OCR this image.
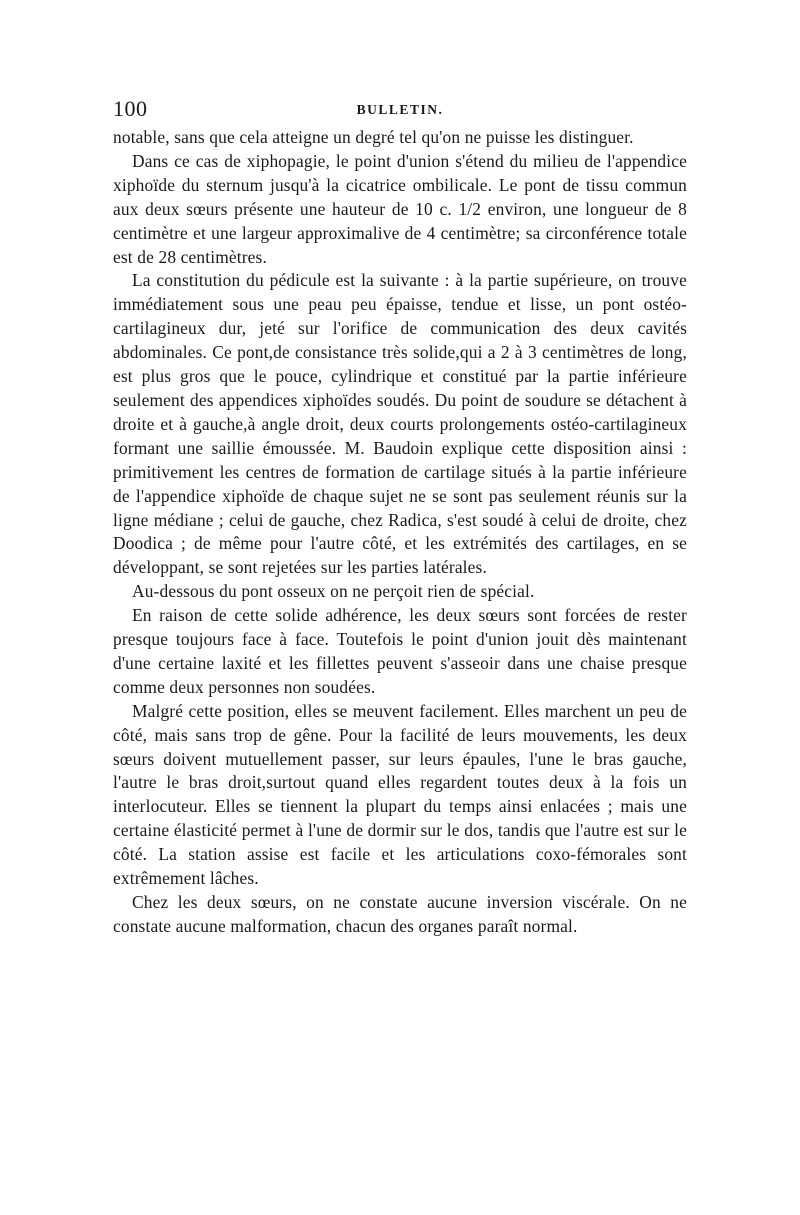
100	BULLETIN.

notable, sans que cela atteigne un degré tel qu'on ne puisse les distinguer.

Dans ce cas de xiphopagie, le point d'union s'étend du milieu de l'appendice xiphoïde du sternum jusqu'à la cicatrice ombilicale. Le pont de tissu commun aux deux sœurs présente une hauteur de 10 c. 1/2 environ, une longueur de 8 centimètre et une largeur approximalive de 4 centimètre; sa circonférence totale est de 28 centimètres.

La constitution du pédicule est la suivante : à la partie supérieure, on trouve immédiatement sous une peau peu épaisse, tendue et lisse, un pont ostéo-cartilagineux dur, jeté sur l'orifice de communication des deux cavités abdominales. Ce pont,de consistance très solide,qui a 2 à 3 centimètres de long, est plus gros que le pouce, cylindrique et constitué par la partie inférieure seulement des appendices xiphoïdes soudés. Du point de soudure se détachent à droite et à gauche,à angle droit, deux courts prolongements ostéo-cartilagineux formant une saillie émoussée. M. Baudoin explique cette disposition ainsi : primitivement les centres de formation de cartilage situés à la partie inférieure de l'appendice xiphoïde de chaque sujet ne se sont pas seulement réunis sur la ligne médiane ; celui de gauche, chez Radica, s'est soudé à celui de droite, chez Doodica ; de même pour l'autre côté, et les extrémités des cartilages, en se développant, se sont rejetées sur les parties latérales.

Au-dessous du pont osseux on ne perçoit rien de spécial.

En raison de cette solide adhérence, les deux sœurs sont forcées de rester presque toujours face à face. Toutefois le point d'union jouit dès maintenant d'une certaine laxité et les fillettes peuvent s'asseoir dans une chaise presque comme deux personnes non soudées.

Malgré cette position, elles se meuvent facilement. Elles marchent un peu de côté, mais sans trop de gêne. Pour la facilité de leurs mouvements, les deux sœurs doivent mutuellement passer, sur leurs épaules, l'une le bras gauche, l'autre le bras droit,surtout quand elles regardent toutes deux à la fois un interlocuteur. Elles se tiennent la plupart du temps ainsi enlacées ; mais une certaine élasticité permet à l'une de dormir sur le dos, tandis que l'autre est sur le côté. La station assise est facile et les articulations coxo-fémorales sont extrêmement lâches.

Chez les deux sœurs, on ne constate aucune inversion viscérale. On ne constate aucune malformation, chacun des organes paraît normal.
